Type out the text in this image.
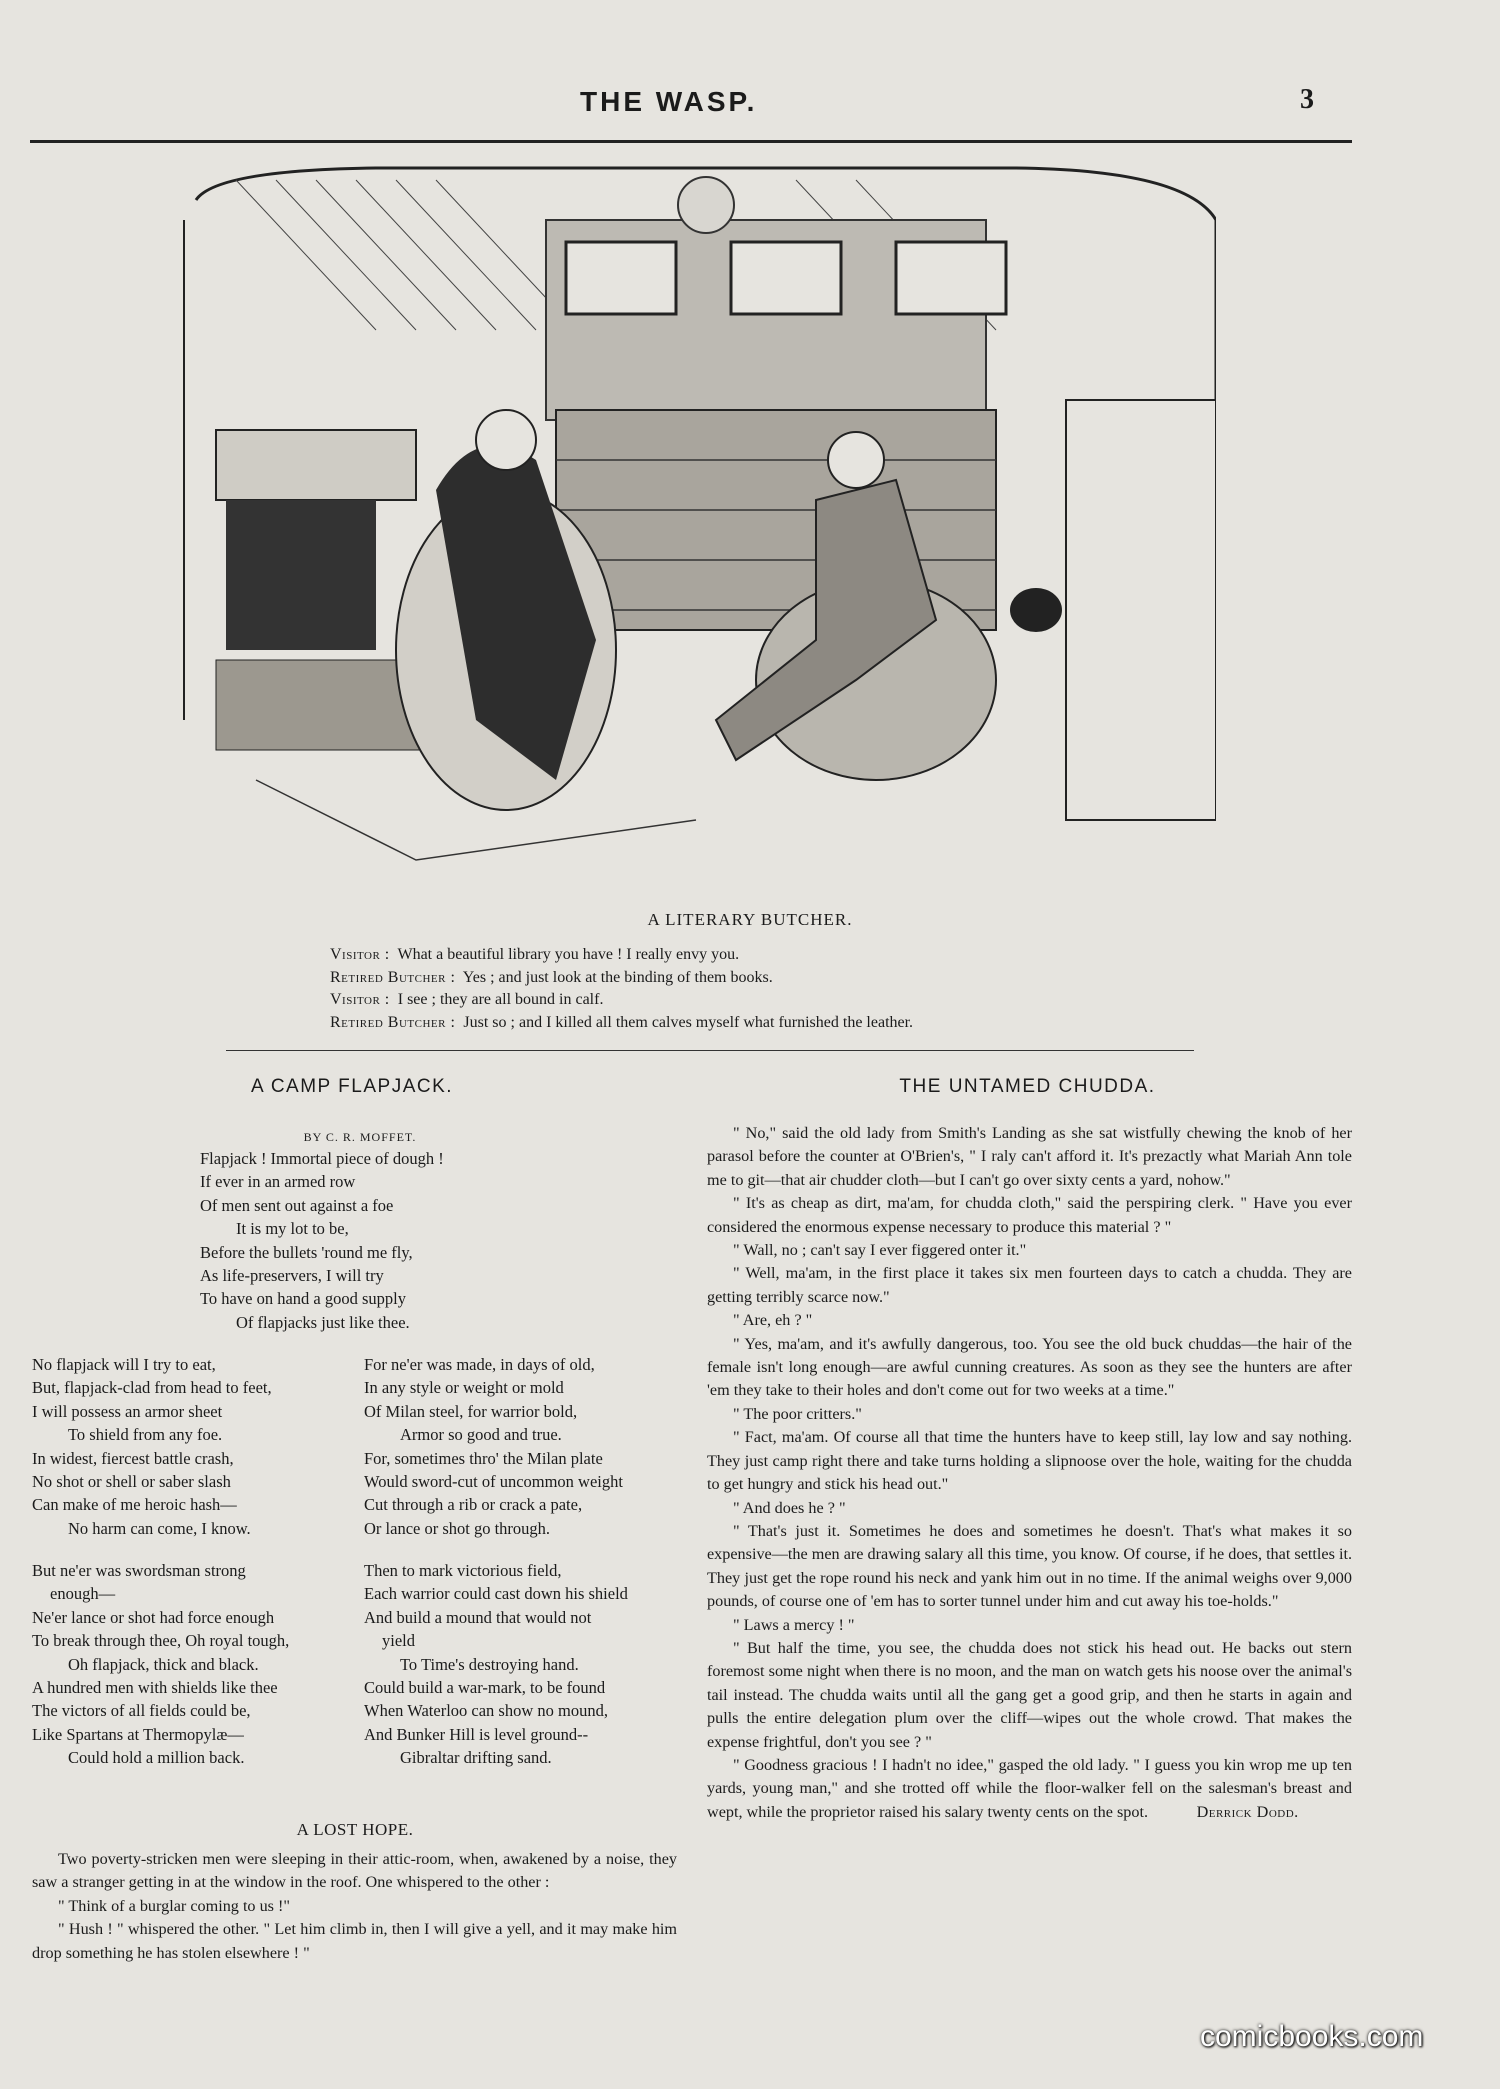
THE WASP.	3
A LITERARY BUTCHER.
Visitor : What a beautiful library you have ! I really envy you.
Retired Butcher : Yes ; and just look at the binding of them books.
Visitor : I see ; they are all bound in calf.
Retired Butcher : Just so ; and I killed all them calves myself what furnished the leather.
A CAMP FLAPJACK.
BY C. R. MOFFET.
Flapjack ! Immortal piece of dough !
If ever in an armed row
Of men sent out against a foe
It is my lot to be,
Before the bullets 'round me fly,
As life-preservers, I will try
To have on hand a good supply
Of flapjacks just like thee.
No flapjack will I try to eat,
But, flapjack-clad from head to feet,
I will possess an armor sheet
To shield from any foe.
In widest, fiercest battle crash,
No shot or shell or saber slash
Can make of me heroic hash—
No harm can come, I know.
For ne'er was made, in days of old,
In any style or weight or mold
Of Milan steel, for warrior bold,
Armor so good and true.
For, sometimes thro' the Milan plate
Would sword-cut of uncommon weight
Cut through a rib or crack a pate,
Or lance or shot go through.
But ne'er was swordsman strong
enough—
Ne'er lance or shot had force enough
To break through thee, Oh royal tough,
Oh flapjack, thick and black.
A hundred men with shields like thee
The victors of all fields could be,
Like Spartans at Thermopylæ—
Could hold a million back.
Then to mark victorious field,
Each warrior could cast down his shield
And build a mound that would not
yield
To Time's destroying hand.
Could build a war-mark, to be found
When Waterloo can show no mound,
And Bunker Hill is level ground--
Gibraltar drifting sand.
A LOST HOPE.

Two poverty-stricken men were sleeping in their attic-room, when, awakened by a noise, they saw a stranger getting in at the window in the roof. One whispered to the other :

" Think of a burglar coming to us !"

" Hush ! " whispered the other. " Let him climb in, then I will give a yell, and it may make him drop something he has stolen elsewhere ! "

THE UNTAMED CHUDDA.

" No," said the old lady from Smith's Landing as she sat wistfully chewing the knob of her parasol before the counter at O'Brien's, " I raly can't afford it. It's prezactly what Mariah Ann tole me to git—that air chudder cloth—but I can't go over sixty cents a yard, nohow."

" It's as cheap as dirt, ma'am, for chudda cloth," said the perspiring clerk. " Have you ever considered the enormous expense necessary to produce this material ? "

" Wall, no ; can't say I ever figgered onter it."

" Well, ma'am, in the first place it takes six men fourteen days to catch a chudda. They are getting terribly scarce now."

" Are, eh ? "

" Yes, ma'am, and it's awfully dangerous, too. You see the old buck chuddas—the hair of the female isn't long enough—are awful cunning creatures. As soon as they see the hunters are after 'em they take to their holes and don't come out for two weeks at a time."

" The poor critters."

" Fact, ma'am. Of course all that time the hunters have to keep still, lay low and say nothing. They just camp right there and take turns holding a slipnoose over the hole, waiting for the chudda to get hungry and stick his head out."

" And does he ? "

" That's just it. Sometimes he does and sometimes he doesn't. That's what makes it so expensive—the men are drawing salary all this time, you know. Of course, if he does, that settles it. They just get the rope round his neck and yank him out in no time. If the animal weighs over 9,000 pounds, of course one of 'em has to sorter tunnel under him and cut away his toe-holds."

" Laws a mercy ! "

" But half the time, you see, the chudda does not stick his head out. He backs out stern foremost some night when there is no moon, and the man on watch gets his noose over the animal's tail instead. The chudda waits until all the gang get a good grip, and then he starts in again and pulls the entire delegation plum over the cliff—wipes out the whole crowd. That makes the expense frightful, don't you see ? "

" Goodness gracious ! I hadn't no idee," gasped the old lady. " I guess you kin wrop me up ten yards, young man," and she trotted off while the floor-walker fell on the salesman's breast and wept, while the proprietor raised his salary twenty cents on the spot.	Derrick Dodd.

comicbooks.com
